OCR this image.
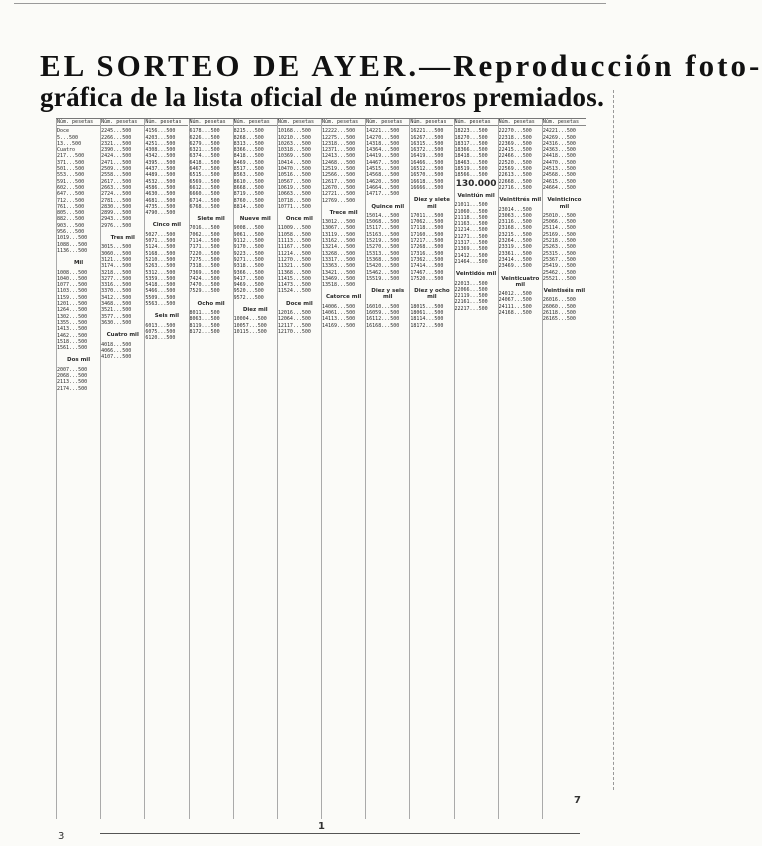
EL SORTEO DE AYER.—Reproducción foto-
gráfica de la lista oficial de números premiados.
Núm. pesetas
Doce
5...500
13...500
Cuatro
217...500
371...500
501...500
553...500
591...500
602...500
647...500
712...500
761...500
805...500
882...500
903...500
956...500
1019...500
1088...500
1136...500
Mil
1008...500
1040...500
1077...500
1103...500
1159...500
1201...500
1264...500
1302...500
1355...500
1413...500
1462...500
1518...500
1561...500
Dos mil
2007...500
2068...500
2113...500
2174...500
Núm. pesetas
2245...500
2266...500
2321...500
2390...500
2424...500
2471...500
2509...500
2558...500
2617...500
2663...500
2724...500
2781...500
2830...500
2899...500
2943...500
2976...500
Tres mil
3015...500
3060...500
3121...500
3174...500
3218...500
3277...500
3316...500
3370...500
3412...500
3468...500
3521...500
3577...500
3630...500
Cuatro mil
4018...500
4066...500
4107...500
Núm. pesetas
4156...500
4203...500
4251...500
4308...500
4342...500
4395...500
4437...500
4489...500
4532...500
4586...500
4630...500
4681...500
4735...500
4790...500
Cinco mil
5027...500
5071...500
5124...500
5168...500
5210...500
5263...500
5312...500
5359...500
5418...500
5466...500
5509...500
5563...500
Seis mil
6013...500
6075...500
6120...500
Núm. pesetas
6178...500
6226...500
6279...500
6321...500
6374...500
6418...500
6467...500
6515...500
6569...500
6612...500
6660...500
6714...500
6768...500
Siete mil
7016...500
7062...500
7114...500
7171...500
7220...500
7275...500
7318...500
7369...500
7424...500
7470...500
7529...500
Ocho mil
8011...500
8063...500
8119...500
8172...500
Núm. pesetas
8215...500
8268...500
8313...500
8366...500
8418...500
8469...500
8517...500
8563...500
8610...500
8668...500
8719...500
8760...500
8814...500
Nueve mil
9008...500
9061...500
9112...500
9170...500
9223...500
9271...500
9318...500
9366...500
9417...500
9469...500
9520...500
9572...500
Diez mil
10004...500
10057...500
10115...500
Núm. pesetas
10168...500
10210...500
10263...500
10318...500
10369...500
10414...500
10470...500
10516...500
10567...500
10619...500
10663...500
10718...500
10771...500
Once mil
11009...500
11058...500
11113...500
11167...500
11214...500
11270...500
11321...500
11368...500
11415...500
11473...500
11524...500
Doce mil
12016...500
12064...500
12117...500
12170...500
Núm. pesetas
12222...500
12275...500
12318...500
12371...500
12413...500
12468...500
12519...500
12566...500
12617...500
12670...500
12721...500
12769...500
Trece mil
13012...500
13067...500
13119...500
13162...500
13214...500
13268...500
13317...500
13363...500
13421...500
13469...500
13518...500
Catorce mil
14006...500
14061...500
14113...500
14169...500
Núm. pesetas
14221...500
14270...500
14318...500
14364...500
14419...500
14467...500
14515...500
14568...500
14620...500
14664...500
14717...500
Quince mil
15014...500
15068...500
15117...500
15163...500
15219...500
15270...500
15313...500
15368...500
15420...500
15462...500
15519...500
Diez y seis mil
16010...500
16059...500
16112...500
16168...500
Núm. pesetas
16221...500
16267...500
16315...500
16372...500
16419...500
16466...500
16512...500
16570...500
16618...500
16666...500
Diez y siete mil
17011...500
17062...500
17118...500
17160...500
17217...500
17268...500
17316...500
17362...500
17414...500
17467...500
17520...500
Diez y ocho mil
18015...500
18061...500
18114...500
18172...500
Núm. pesetas
18223...500
18270...500
18317...500
18366...500
18418...500
18463...500
18519...500
18566...500
130.000
Veintiún mil
21011...500
21060...500
21118...500
21163...500
21214...500
21271...500
21317...500
21369...500
21412...500
21464...500
Veintidós mil
22013...500
22066...500
22119...500
22161...500
22217...500
Núm. pesetas
22270...500
22318...500
22369...500
22415...500
22466...500
22520...500
22569...500
22613...500
22668...500
22716...500
Veintitrés mil
23014...500
23063...500
23116...500
23168...500
23215...500
23264...500
23319...500
23361...500
23414...500
23469...500
Veinticuatro mil
24012...500
24067...500
24111...500
24168...500
Núm. pesetas
24221...500
24269...500
24316...500
24363...500
24418...500
24470...500
24513...500
24568...500
24615...500
24664...500
Veinticinco mil
25010...500
25066...500
25114...500
25169...500
25218...500
25263...500
25315...500
25367...500
25419...500
25462...500
25521...500
Veintiséis mil
26016...500
26060...500
26118...500
26165...500
3
1
7
